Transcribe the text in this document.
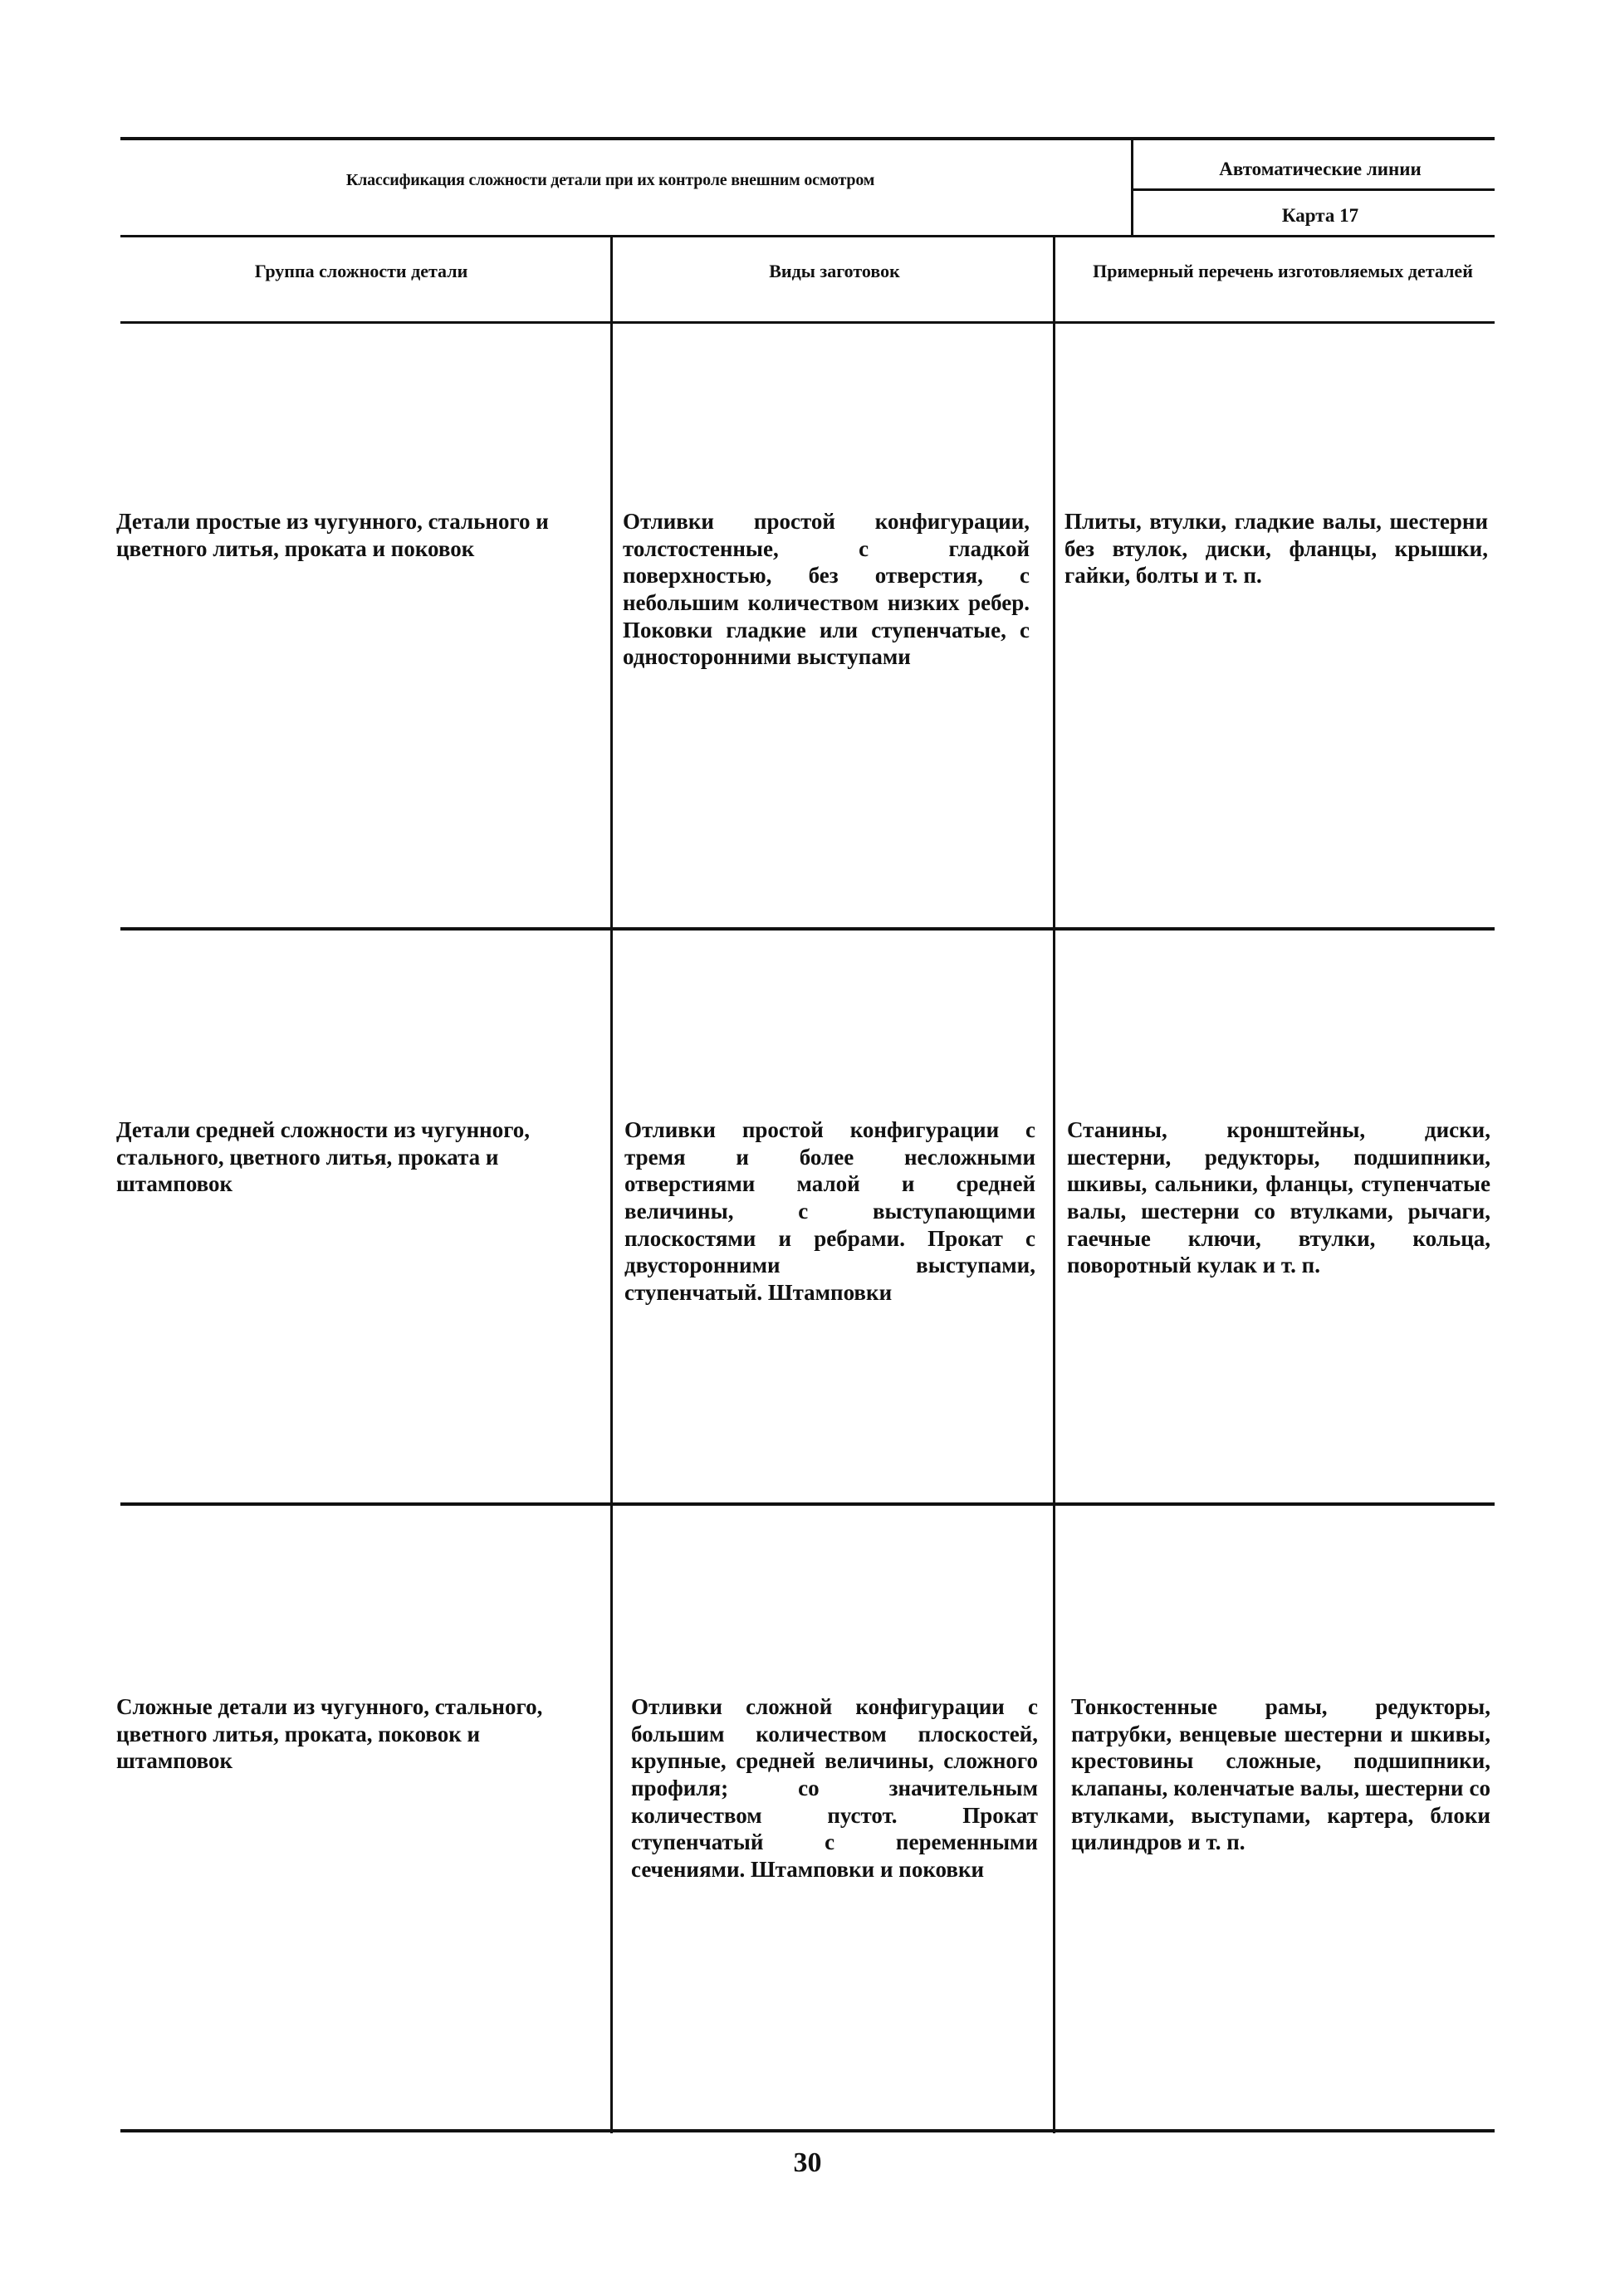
Классификация сложности детали при их контроле внешним осмотром
Автоматические линии
Карта 17
Группа сложности детали	Виды заготовок	Примерный перечень изготовляемых деталей
Детали простые из чугунного, стального и цветного литья, проката и поковок
Отливки простой конфигурации, толстостенные, с гладкой поверхностью, без отверстия, с небольшим количеством низких ребер. Поковки гладкие или ступенчатые, с односторонними выступами
Плиты, втулки, гладкие валы, шестерни без втулок, диски, фланцы, крышки, гайки, болты и т. п.
Детали средней сложности из чугунного, стального, цветного литья, проката и штамповок
Отливки простой конфигурации с тремя и более несложными отверстиями малой и средней величины, с выступающими плоскостями и ребрами. Прокат с двусторонними выступами, ступенчатый. Штамповки
Станины, кронштейны, диски, шестерни, редукторы, подшипники, шкивы, сальники, фланцы, ступенчатые валы, шестерни со втулками, рычаги, гаечные ключи, втулки, кольца, поворотный кулак и т. п.
Сложные детали из чугунного, стального, цветного литья, проката, поковок и штамповок
Отливки сложной конфигурации с большим количеством плоскостей, крупные, средней величины, сложного профиля; со значительным количеством пустот. Прокат ступенчатый с переменными сечениями. Штамповки и поковки
Тонкостенные рамы, редукторы, патрубки, венцевые шестерни и шкивы, крестовины сложные, подшипники, клапаны, коленчатые валы, шестерни со втулками, выступами, картера, блоки цилиндров и т. п.
30
